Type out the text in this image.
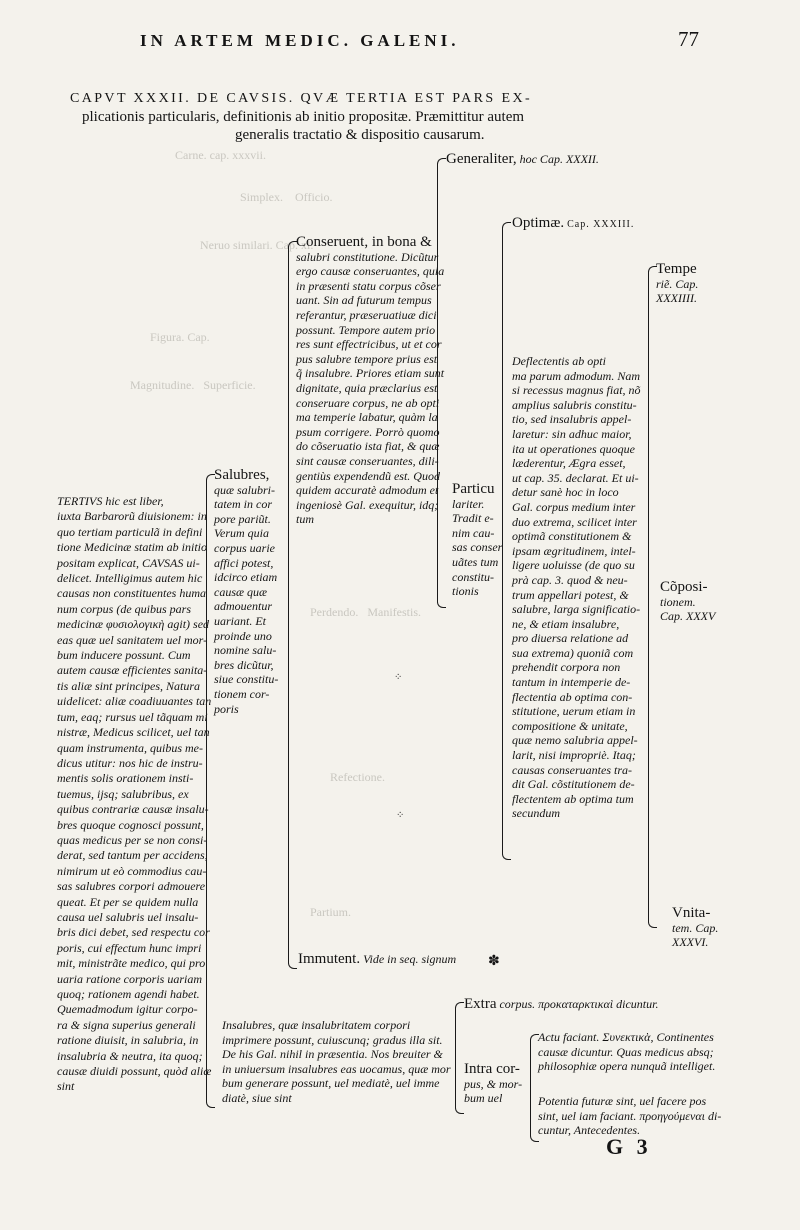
Carne. cap. xxxvii.
Simplex.    Officio.
Neruo similari. Cap. xl.
Figura. Cap.
Magnitudine.   Superficie.
Perdendo.   Manifestis.
Refectione.
Partium.
IN ARTEM MEDIC. GALENI.	77
CAPVT XXXII. DE CAVSIS. QVÆ TERTIA EST PARS EX-
plicationis particularis, definitionis ab initio propositæ. Præmittitur autem
generalis tractatio & dispositio causarum.
TERTIVS hic est liber,
iuxta Barbarorũ diuisionem: in
quo tertiam particulã in defini
tione Medicinæ statim ab initio
positam explicat, CAVSAS ui-
delicet. Intelligimus autem hic
causas non constituentes huma
num corpus (de quibus pars
medicinæ φυσιολογικὴ agit) sed
eas quæ uel sanitatem uel mor-
bum inducere possunt. Cum
autem causæ efficientes sanita-
tis aliæ sint principes, Natura
uidelicet: aliæ coadiuuantes tan
tum, eaq; rursus uel tãquam mi
nistræ, Medicus scilicet, uel tan
quam instrumenta, quibus me-
dicus utitur: nos hic de instru-
mentis solis orationem insti-
tuemus, ijsq; salubribus, ex
quibus contrariæ causæ insalu-
bres quoque cognosci possunt,
quas medicus per se non consi-
derat, sed tantum per accidens,
nimirum ut eò commodius cau-
sas salubres corpori admouere
queat. Et per se quidem nulla
causa uel salubris uel insalu-
bris dici debet, sed respectu cor
poris, cui effectum hunc impri
mit, ministrãte medico, qui pro
uaria ratione corporis uariam
quoq; rationem agendi habet.
Quemadmodum igitur corpo-
ra & signa superius generali
ratione diuisit, in salubria, in
insalubria & neutra, ita quoq;
causæ diuidi possunt, quòd aliæ
sint
Salubres,
quæ salubri-
tatem in cor
pore pariũt.
Verum quia
corpus uarie
affici potest,
idcirco etiam
causæ quæ
admouentur
uariant. Et
proinde uno
nomine salu-
bres dicũtur,
siue constitu-
tionem cor-
poris
Conseruent, in bona &
salubri constitutione. Dicũtur
ergo causæ conseruantes, quia
in præsenti statu corpus cõser
uant. Sin ad futurum tempus
referantur, præseruatiuæ dici
possunt. Tempore autem prio
res sunt effectricibus, ut et cor
pus salubre tempore prius est
q̃ insalubre. Priores etiam sunt
dignitate, quia præclarius est
conseruare corpus, ne ab opti
ma temperie labatur, quàm la
psum corrigere. Porrò quomo
do cõseruatio ista fiat, & quæ
sint causæ conseruantes, dili-
gentiùs expendendũ est. Quod
quidem accuratè admodum et
ingeniosè Gal. exequitur, idq;
tum
Immutent. Vide in seq. signum	✽
⁘
⁘
Insalubres, quæ insalubritatem corpori
imprimere possunt, cuiuscunq; gradus illa sit.
De his Gal. nihil in præsentia. Nos breuiter &
in uniuersum insalubres eas uocamus, quæ mor
bum generare possunt, uel mediatè, uel imme
diatè, siue sint
Generaliter, hoc Cap. XXXII.
Particu
lariter.
Tradit e-
nim cau-
sas conser
uãtes tum
constitu-
tionis
Optimæ. Cap. XXXIII.
Deflectentis ab opti
ma parum admodum. Nam
si recessus magnus fiat, nõ
amplius salubris constitu-
tio, sed insalubris appel-
laretur: sin adhuc maior,
ita ut operationes quoque
læderentur, Ægra esset,
ut cap. 35. declarat. Et ui-
detur sanè hoc in loco
Gal. corpus medium inter
duo extrema, scilicet inter
optimã constitutionem &
ipsam ægritudinem, intel-
ligere uoluisse (de quo su
prà cap. 3. quod & neu-
trum appellari potest, &
salubre, larga significatio-
ne, & etiam insalubre,
pro diuersa relatione ad
sua extrema) quoniã com
prehendit corpora non
tantum in intemperie de-
flectentia ab optima con-
stitutione, uerum etiam in
compositione & unitate,
quæ nemo salubria appel-
larit, nisi impropriè. Itaq;
causas conseruantes tra-
dit Gal. cõstitutionem de-
flectentem ab optima tum
secundum
Tempe
riẽ. Cap.
XXXIIII.
Cõposi-
tionem.
Cap. XXXV
Vnita-
tem. Cap.
XXXVI.
Extra corpus. προκαταρκτικαὶ dicuntur.
Intra cor-
pus, & mor-
bum uel
Actu faciant. Συνεκτικὰ, Continentes
causæ dicuntur. Quas medicus absq;
philosophiæ opera nunquã intelliget.
Potentia futuræ sint, uel facere pos
sint, uel iam faciant. προηγούμεναι di-
cuntur, Antecedentes.
G 3
